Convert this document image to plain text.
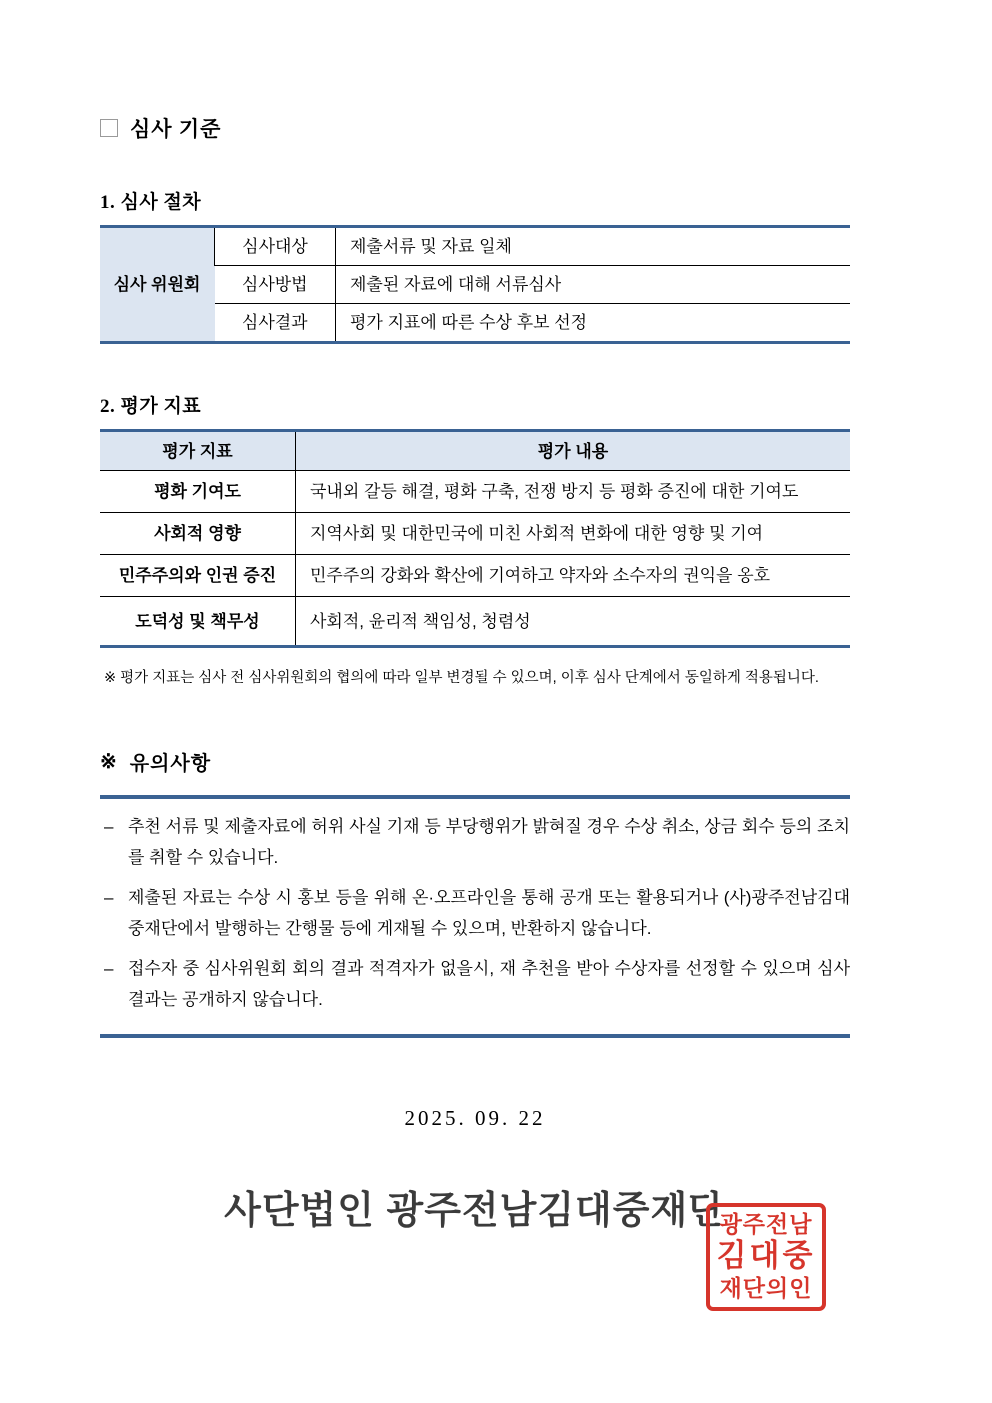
심사 기준
1. 심사 절차
심사 위원회	심사대상	제출서류 및 자료 일체
	심사방법	제출된 자료에 대해 서류심사
	심사결과	평가 지표에 따른 수상 후보 선정
2. 평가 지표
평가 지표	평가 내용
평화 기여도	국내외 갈등 해결, 평화 구축, 전쟁 방지 등 평화 증진에 대한 기여도
사회적 영향	지역사회 및 대한민국에 미친 사회적 변화에 대한 영향 및 기여
민주주의와 인권 증진	민주주의 강화와 확산에 기여하고 약자와 소수자의 권익을 옹호
도덕성 및 책무성	사회적, 윤리적 책임성, 청렴성

※ 평가 지표는 심사 전 심사위원회의 협의에 따라 일부 변경될 수 있으며, 이후 심사 단계에서 동일하게 적용됩니다.

※ 유의사항
– 추천 서류 및 제출자료에 허위 사실 기재 등 부당행위가 밝혀질 경우 수상 취소, 상금 회수 등의 조치를 취할 수 있습니다.
– 제출된 자료는 수상 시 홍보 등을 위해 온·오프라인을 통해 공개 또는 활용되거나 (사)광주전남김대중재단에서 발행하는 간행물 등에 게재될 수 있으며, 반환하지 않습니다.
– 접수자 중 심사위원회 회의 결과 적격자가 없을시, 재 추천을 받아 수상자를 선정할 수 있으며 심사 결과는 공개하지 않습니다.
2025. 09. 22
사단법인 광주전남김대중재단
광주전남
김대중
재단의인
